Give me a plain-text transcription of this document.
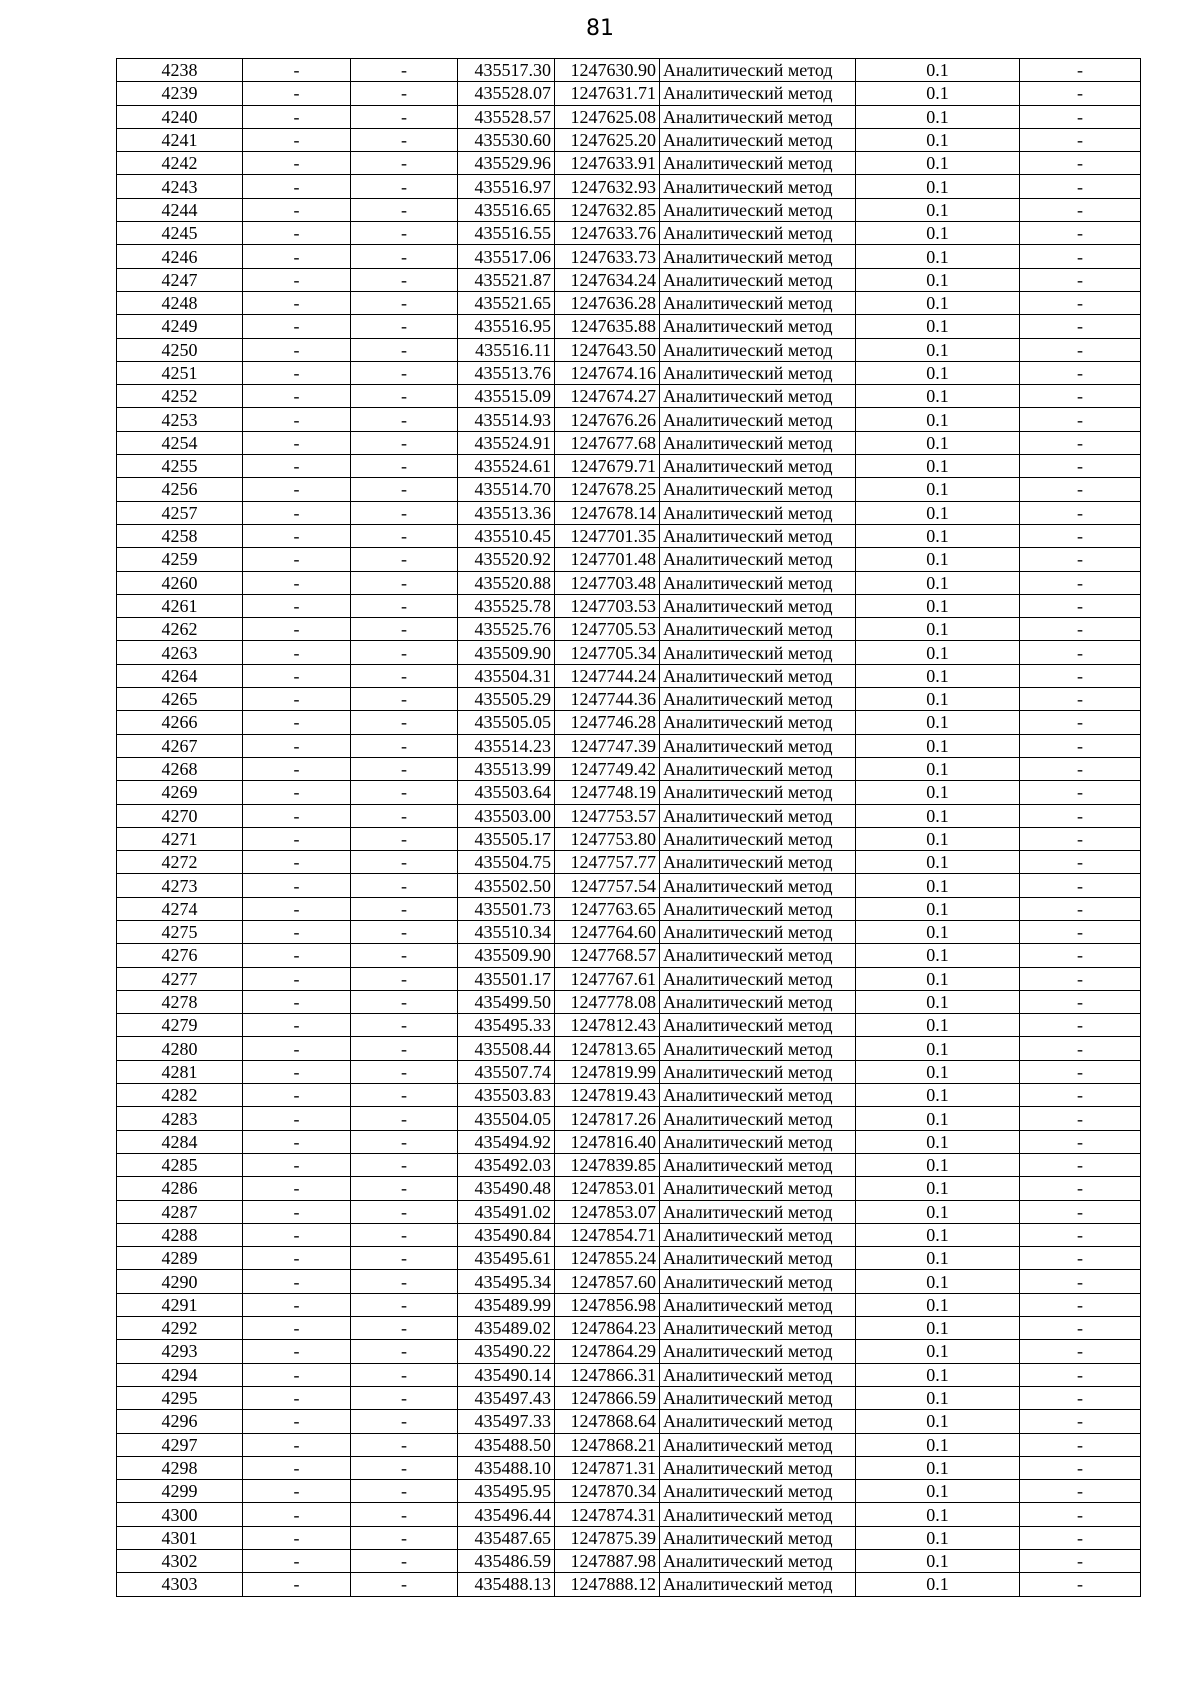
81
4238	-	-	435517.30	1247630.90	Аналитический метод	0.1	-
4239	-	-	435528.07	1247631.71	Аналитический метод	0.1	-
4240	-	-	435528.57	1247625.08	Аналитический метод	0.1	-
4241	-	-	435530.60	1247625.20	Аналитический метод	0.1	-
4242	-	-	435529.96	1247633.91	Аналитический метод	0.1	-
4243	-	-	435516.97	1247632.93	Аналитический метод	0.1	-
4244	-	-	435516.65	1247632.85	Аналитический метод	0.1	-
4245	-	-	435516.55	1247633.76	Аналитический метод	0.1	-
4246	-	-	435517.06	1247633.73	Аналитический метод	0.1	-
4247	-	-	435521.87	1247634.24	Аналитический метод	0.1	-
4248	-	-	435521.65	1247636.28	Аналитический метод	0.1	-
4249	-	-	435516.95	1247635.88	Аналитический метод	0.1	-
4250	-	-	435516.11	1247643.50	Аналитический метод	0.1	-
4251	-	-	435513.76	1247674.16	Аналитический метод	0.1	-
4252	-	-	435515.09	1247674.27	Аналитический метод	0.1	-
4253	-	-	435514.93	1247676.26	Аналитический метод	0.1	-
4254	-	-	435524.91	1247677.68	Аналитический метод	0.1	-
4255	-	-	435524.61	1247679.71	Аналитический метод	0.1	-
4256	-	-	435514.70	1247678.25	Аналитический метод	0.1	-
4257	-	-	435513.36	1247678.14	Аналитический метод	0.1	-
4258	-	-	435510.45	1247701.35	Аналитический метод	0.1	-
4259	-	-	435520.92	1247701.48	Аналитический метод	0.1	-
4260	-	-	435520.88	1247703.48	Аналитический метод	0.1	-
4261	-	-	435525.78	1247703.53	Аналитический метод	0.1	-
4262	-	-	435525.76	1247705.53	Аналитический метод	0.1	-
4263	-	-	435509.90	1247705.34	Аналитический метод	0.1	-
4264	-	-	435504.31	1247744.24	Аналитический метод	0.1	-
4265	-	-	435505.29	1247744.36	Аналитический метод	0.1	-
4266	-	-	435505.05	1247746.28	Аналитический метод	0.1	-
4267	-	-	435514.23	1247747.39	Аналитический метод	0.1	-
4268	-	-	435513.99	1247749.42	Аналитический метод	0.1	-
4269	-	-	435503.64	1247748.19	Аналитический метод	0.1	-
4270	-	-	435503.00	1247753.57	Аналитический метод	0.1	-
4271	-	-	435505.17	1247753.80	Аналитический метод	0.1	-
4272	-	-	435504.75	1247757.77	Аналитический метод	0.1	-
4273	-	-	435502.50	1247757.54	Аналитический метод	0.1	-
4274	-	-	435501.73	1247763.65	Аналитический метод	0.1	-
4275	-	-	435510.34	1247764.60	Аналитический метод	0.1	-
4276	-	-	435509.90	1247768.57	Аналитический метод	0.1	-
4277	-	-	435501.17	1247767.61	Аналитический метод	0.1	-
4278	-	-	435499.50	1247778.08	Аналитический метод	0.1	-
4279	-	-	435495.33	1247812.43	Аналитический метод	0.1	-
4280	-	-	435508.44	1247813.65	Аналитический метод	0.1	-
4281	-	-	435507.74	1247819.99	Аналитический метод	0.1	-
4282	-	-	435503.83	1247819.43	Аналитический метод	0.1	-
4283	-	-	435504.05	1247817.26	Аналитический метод	0.1	-
4284	-	-	435494.92	1247816.40	Аналитический метод	0.1	-
4285	-	-	435492.03	1247839.85	Аналитический метод	0.1	-
4286	-	-	435490.48	1247853.01	Аналитический метод	0.1	-
4287	-	-	435491.02	1247853.07	Аналитический метод	0.1	-
4288	-	-	435490.84	1247854.71	Аналитический метод	0.1	-
4289	-	-	435495.61	1247855.24	Аналитический метод	0.1	-
4290	-	-	435495.34	1247857.60	Аналитический метод	0.1	-
4291	-	-	435489.99	1247856.98	Аналитический метод	0.1	-
4292	-	-	435489.02	1247864.23	Аналитический метод	0.1	-
4293	-	-	435490.22	1247864.29	Аналитический метод	0.1	-
4294	-	-	435490.14	1247866.31	Аналитический метод	0.1	-
4295	-	-	435497.43	1247866.59	Аналитический метод	0.1	-
4296	-	-	435497.33	1247868.64	Аналитический метод	0.1	-
4297	-	-	435488.50	1247868.21	Аналитический метод	0.1	-
4298	-	-	435488.10	1247871.31	Аналитический метод	0.1	-
4299	-	-	435495.95	1247870.34	Аналитический метод	0.1	-
4300	-	-	435496.44	1247874.31	Аналитический метод	0.1	-
4301	-	-	435487.65	1247875.39	Аналитический метод	0.1	-
4302	-	-	435486.59	1247887.98	Аналитический метод	0.1	-
4303	-	-	435488.13	1247888.12	Аналитический метод	0.1	-
